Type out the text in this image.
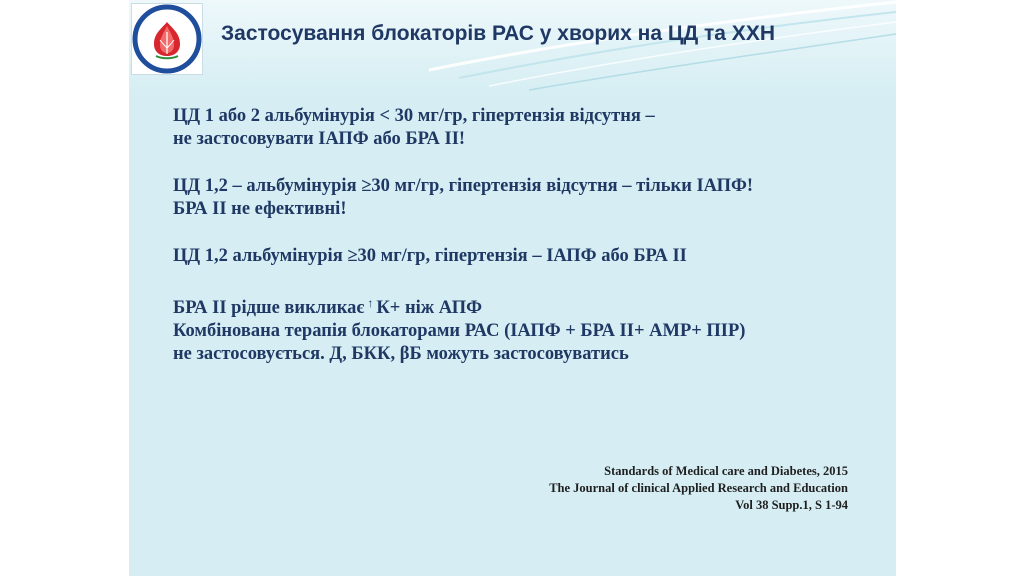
Застосування блокаторів РАС у хворих на ЦД та ХХН

ЦД 1 або 2 альбумінурія < 30 мг/гр, гіпертензія відсутня –

не застосовувати ІАПФ або БРА ІІ!

ЦД 1,2 – альбумінурія ≥30 мг/гр, гіпертензія відсутня – тільки ІАПФ!

БРА ІІ не ефективні!

ЦД 1,2 альбумінурія ≥30 мг/гр, гіпертензія – ІАПФ або БРА ІІ

БРА ІІ рідше викликає ↑ К+ ніж АПФ

Комбінована терапія блокаторами РАС (ІАПФ + БРА ІІ+ АМР+ ПІР)

не застосовується. Д, БКК, βБ можуть застосовуватись

Standards of Medical care and Diabetes, 2015

The Journal of clinical Applied Research and Education

Vol 38 Supp.1, S 1-94
